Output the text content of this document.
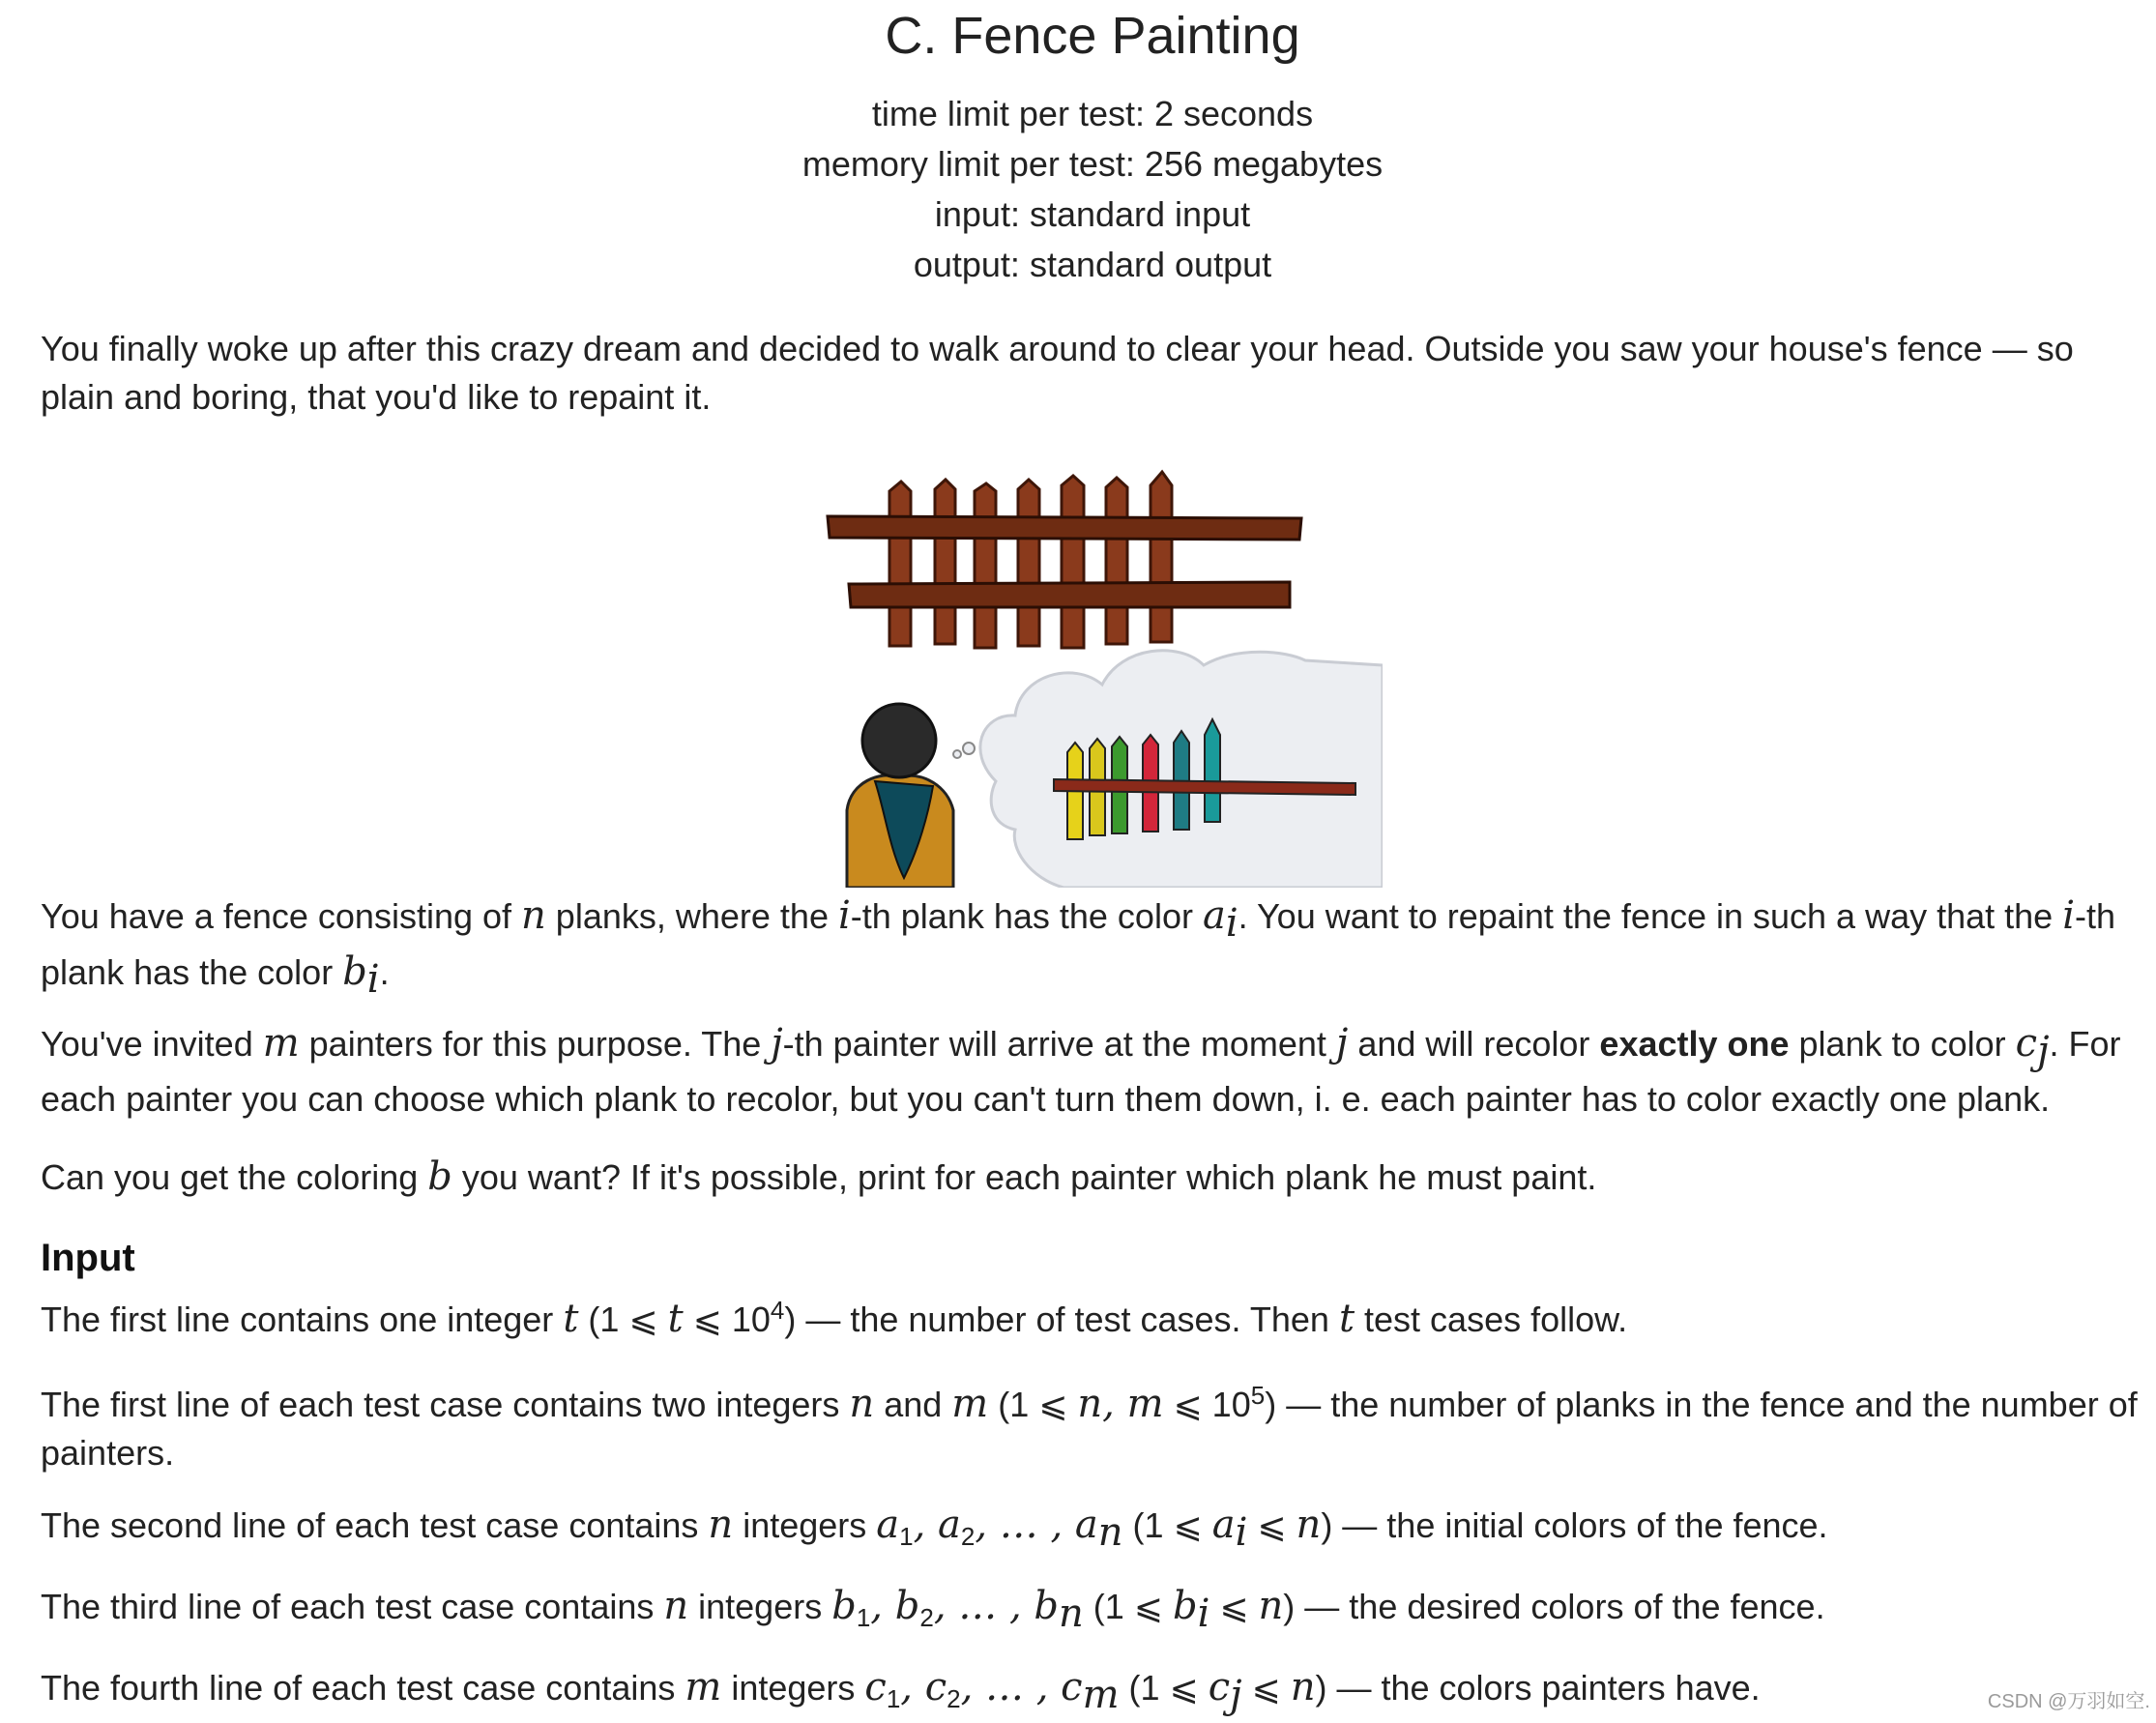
C. Fence Painting
time limit per test: 2 seconds
memory limit per test: 256 megabytes
input: standard input
output: standard output
You finally woke up after this crazy dream and decided to walk around to clear your head. Outside you saw your house's fence — so plain and boring, that you'd like to repaint it.
You have a fence consisting of n planks, where the i-th plank has the color $a_i$. You want to repaint the fence in such a way that the i-th plank has the color $b_i$.
You've invited m painters for this purpose. The j-th painter will arrive at the moment j and will recolor exactly one plank to color $c_j$. For each painter you can choose which plank to recolor, but you can't turn them down, i. e. each painter has to color exactly one plank.
Can you get the coloring b you want? If it's possible, print for each painter which plank he must paint.
Input
The first line contains one integer t (1 ⩽ t ⩽ $10^4$) — the number of test cases. Then t test cases follow.
The first line of each test case contains two integers n and m (1 ⩽ n, m ⩽ $10^5$) — the number of planks in the fence and the number of painters.
The second line of each test case contains n integers $a_1$, $a_2$, … , $a_n$ (1 ⩽ $a_i$ ⩽ n) — the initial colors of the fence.
The third line of each test case contains n integers $b_1$, $b_2$, … , $b_n$ (1 ⩽ $b_i$ ⩽ n) — the desired colors of the fence.
The fourth line of each test case contains m integers $c_1$, $c_2$, … , $c_m$ (1 ⩽ $c_j$ ⩽ n) — the colors painters have.	CSDN @万羽如空.
